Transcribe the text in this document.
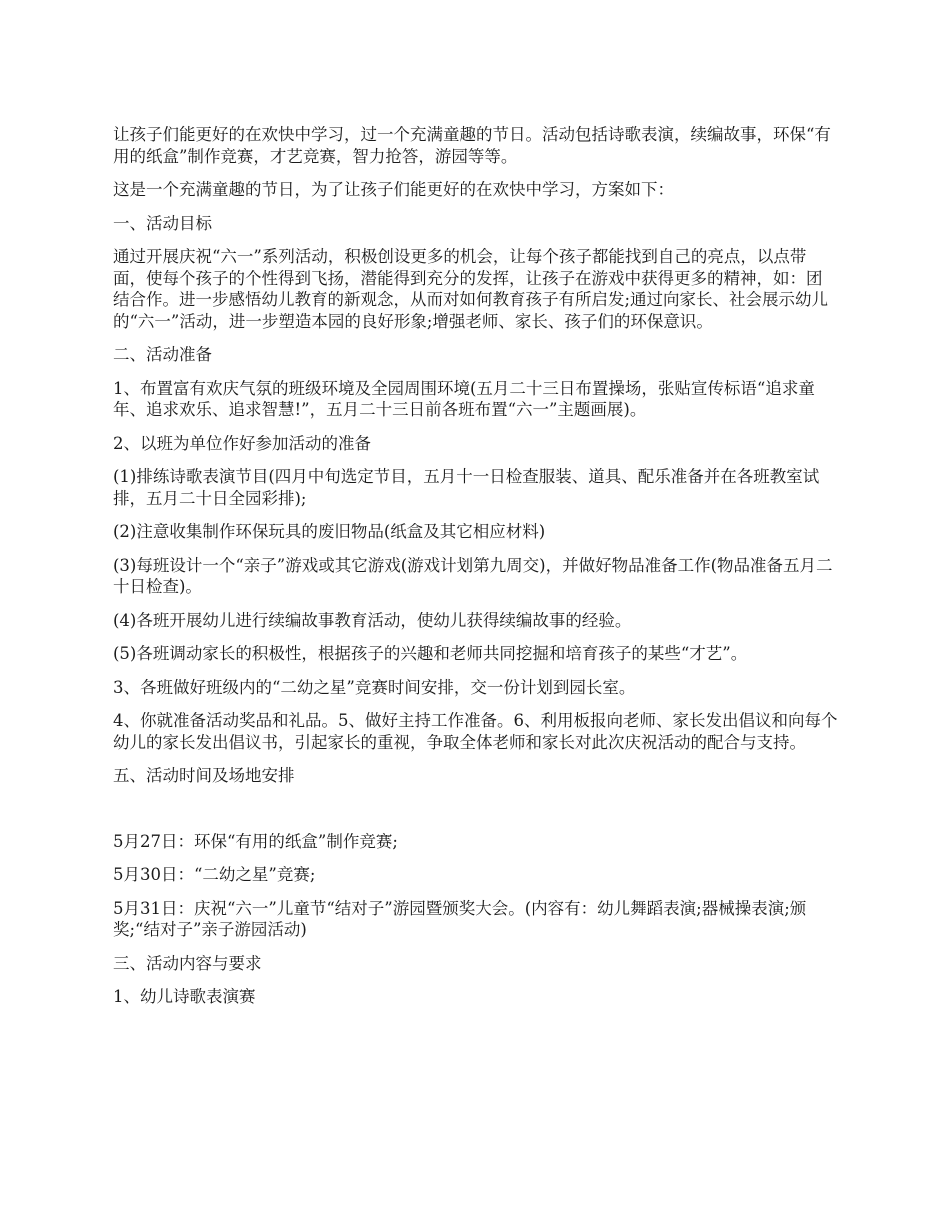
让孩子们能更好的在欢快中学习，过一个充满童趣的节日。活动包括诗歌表演，续编故事，环保“有用的纸盒”制作竞赛，才艺竞赛，智力抢答，游园等等。

这是一个充满童趣的节日，为了让孩子们能更好的在欢快中学习，方案如下：

一、活动目标

通过开展庆祝“六一”系列活动，积极创设更多的机会，让每个孩子都能找到自己的亮点，以点带面，使每个孩子的个性得到飞扬，潜能得到充分的发挥，让孩子在游戏中获得更多的精神，如：团结合作。进一步感悟幼儿教育的新观念，从而对如何教育孩子有所启发;通过向家长、社会展示幼儿的“六一”活动，进一步塑造本园的良好形象;增强老师、家长、孩子们的环保意识。

二、活动准备

1、布置富有欢庆气氛的班级环境及全园周围环境(五月二十三日布置操场，张贴宣传标语“追求童年、追求欢乐、追求智慧!”，五月二十三日前各班布置“六一”主题画展)。

2、以班为单位作好参加活动的准备

(1)排练诗歌表演节目(四月中旬选定节目，五月十一日检查服装、道具、配乐准备并在各班教室试排，五月二十日全园彩排);

(2)注意收集制作环保玩具的废旧物品(纸盒及其它相应材料)

(3)每班设计一个“亲子”游戏或其它游戏(游戏计划第九周交)，并做好物品准备工作(物品准备五月二十日检查)。

(4)各班开展幼儿进行续编故事教育活动，使幼儿获得续编故事的经验。

(5)各班调动家长的积极性，根据孩子的兴趣和老师共同挖掘和培育孩子的某些“才艺”。

3、各班做好班级内的“二幼之星”竞赛时间安排，交一份计划到园长室。

4、你就准备活动奖品和礼品。5、做好主持工作准备。6、利用板报向老师、家长发出倡议和向每个幼儿的家长发出倡议书，引起家长的重视，争取全体老师和家长对此次庆祝活动的配合与支持。

五、活动时间及场地安排

5月27日：环保“有用的纸盒”制作竞赛;

5月30日：“二幼之星”竞赛;

5月31日：庆祝“六一”儿童节“结对子”游园暨颁奖大会。(内容有：幼儿舞蹈表演;器械操表演;颁奖;“结对子”亲子游园活动)

三、活动内容与要求

1、幼儿诗歌表演赛
